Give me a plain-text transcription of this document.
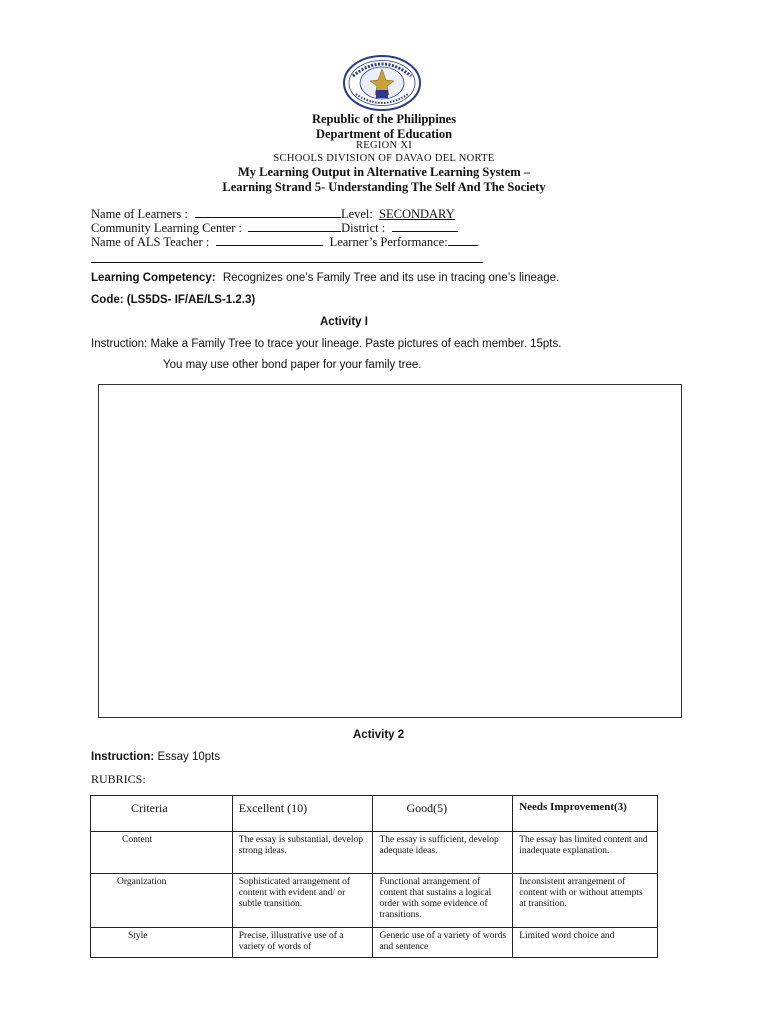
Republic of the Philippines
Department of Education
REGION XI
SCHOOLS DIVISION OF DAVAO DEL NORTE
My Learning Output in Alternative Learning System –
Learning Strand 5- Understanding The Self And The Society
Name of Learners :	Level: SECONDARY
Community Learning Center :	District :
Name of ALS Teacher :	Learner’s Performance:
Learning Competency: Recognizes one’s Family Tree and its use in tracing one’s lineage.
Code: (LS5DS- IF/AE/LS-1.2.3)
Activity I
Instruction: Make a Family Tree to trace your lineage. Paste pictures of each member. 15pts.
You may use other bond paper for your family tree.
Activity 2
Instruction: Essay 10pts
RUBRICS:
Criteria	Excellent (10)	Good(5)	Needs Improvement(3)
Content	The essay is substantial, develop strong ideas.	The essay is sufficient, develop adequate ideas.	The essay has limited content and inadequate explanation.
Organization	Sophisticated arrangement of content with evident and/ or subtle transition.	Functional arrangement of content that sustains a logical order with some evidence of transitions.	Inconsistent arrangement of content with or without attempts at transition.
Style	Precise, illustrative use of a variety of words of	Generic use of a variety of words and sentence	Limited word choice and
